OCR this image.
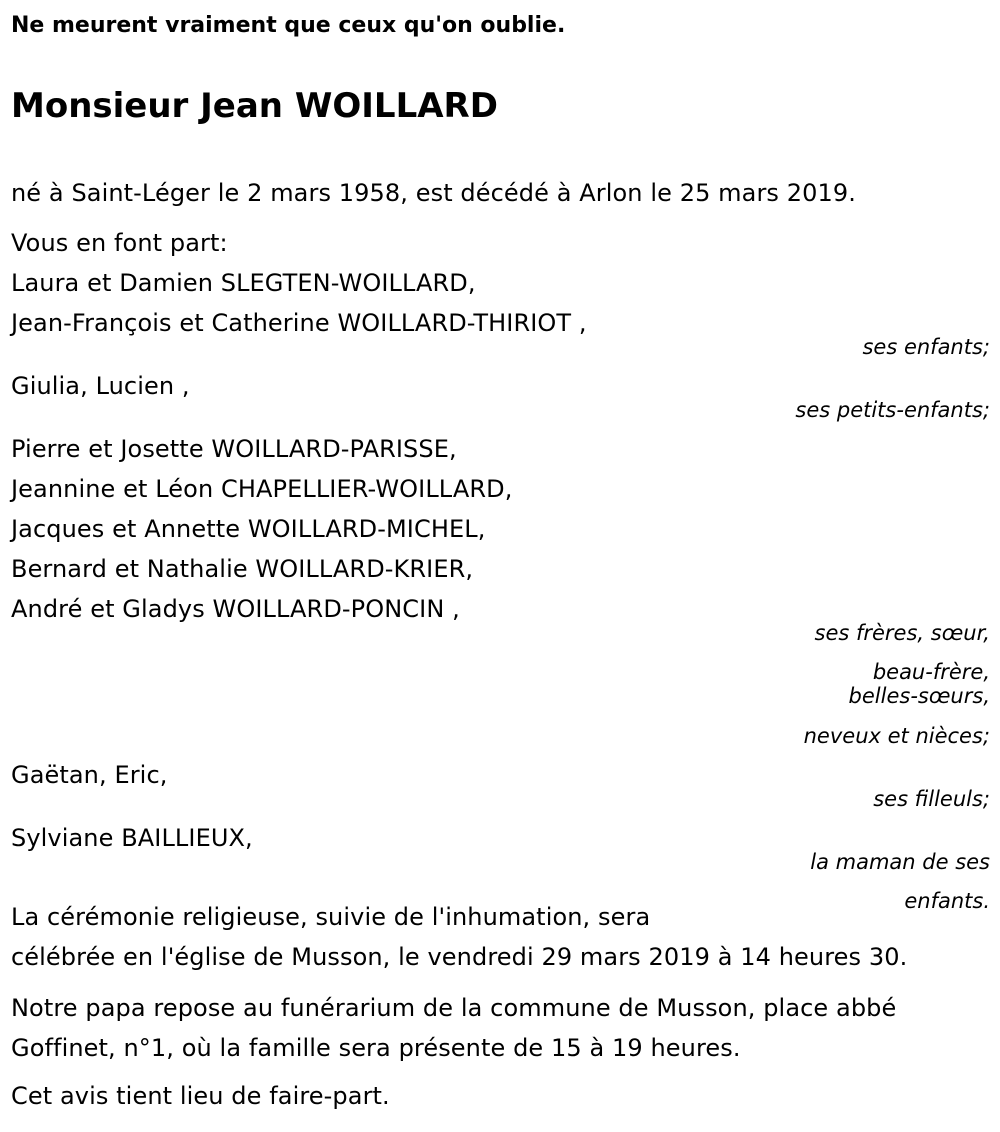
Ne meurent vraiment que ceux qu'on oublie.
Monsieur Jean WOILLARD
né à Saint-Léger le 2 mars 1958, est décédé à Arlon le 25 mars 2019.
Vous en font part:
Laura et Damien SLEGTEN-WOILLARD,
Jean-François et Catherine WOILLARD-THIRIOT ,
ses enfants;
Giulia, Lucien ,
ses petits-enfants;
Pierre et Josette WOILLARD-PARISSE,
Jeannine et Léon CHAPELLIER-WOILLARD,
Jacques et Annette WOILLARD-MICHEL,
Bernard et Nathalie WOILLARD-KRIER,
André et Gladys WOILLARD-PONCIN ,
ses frères, sœur,
beau-frère,
belles-sœurs,
neveux et nièces;
Gaëtan, Eric,
ses filleuls;
Sylviane BAILLIEUX,
la maman de ses
enfants.
La cérémonie religieuse, suivie de l'inhumation, sera
célébrée en l'église de Musson, le vendredi 29 mars 2019 à 14 heures 30.
Notre papa repose au funérarium de la commune de Musson, place abbé
Goffinet, n°1, où la famille sera présente de 15 à 19 heures.
Cet avis tient lieu de faire-part.
